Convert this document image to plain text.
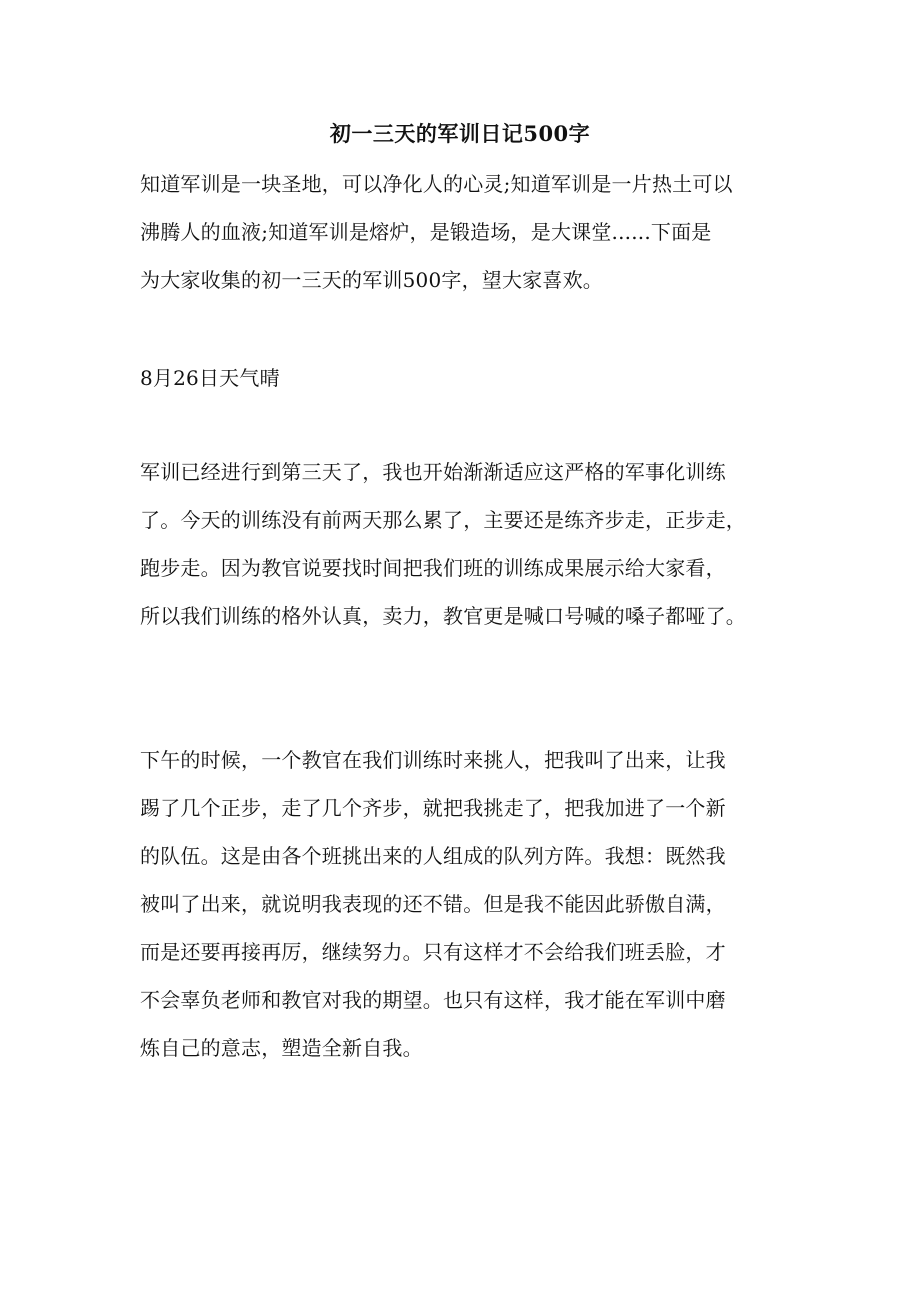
初一三天的军训日记500字
知道军训是一块圣地，可以净化人的心灵;知道军训是一片热土可以
沸腾人的血液;知道军训是熔炉，是锻造场，是大课堂......下面是
为大家收集的初一三天的军训500字，望大家喜欢。
8月26日天气晴
军训已经进行到第三天了，我也开始渐渐适应这严格的军事化训练
了。今天的训练没有前两天那么累了，主要还是练齐步走，正步走，
跑步走。因为教官说要找时间把我们班的训练成果展示给大家看，
所以我们训练的格外认真，卖力，教官更是喊口号喊的嗓子都哑了。
下午的时候，一个教官在我们训练时来挑人，把我叫了出来，让我
踢了几个正步，走了几个齐步，就把我挑走了，把我加进了一个新
的队伍。这是由各个班挑出来的人组成的队列方阵。我想：既然我
被叫了出来，就说明我表现的还不错。但是我不能因此骄傲自满，
而是还要再接再厉，继续努力。只有这样才不会给我们班丢脸，才
不会辜负老师和教官对我的期望。也只有这样，我才能在军训中磨
炼自己的意志，塑造全新自我。
